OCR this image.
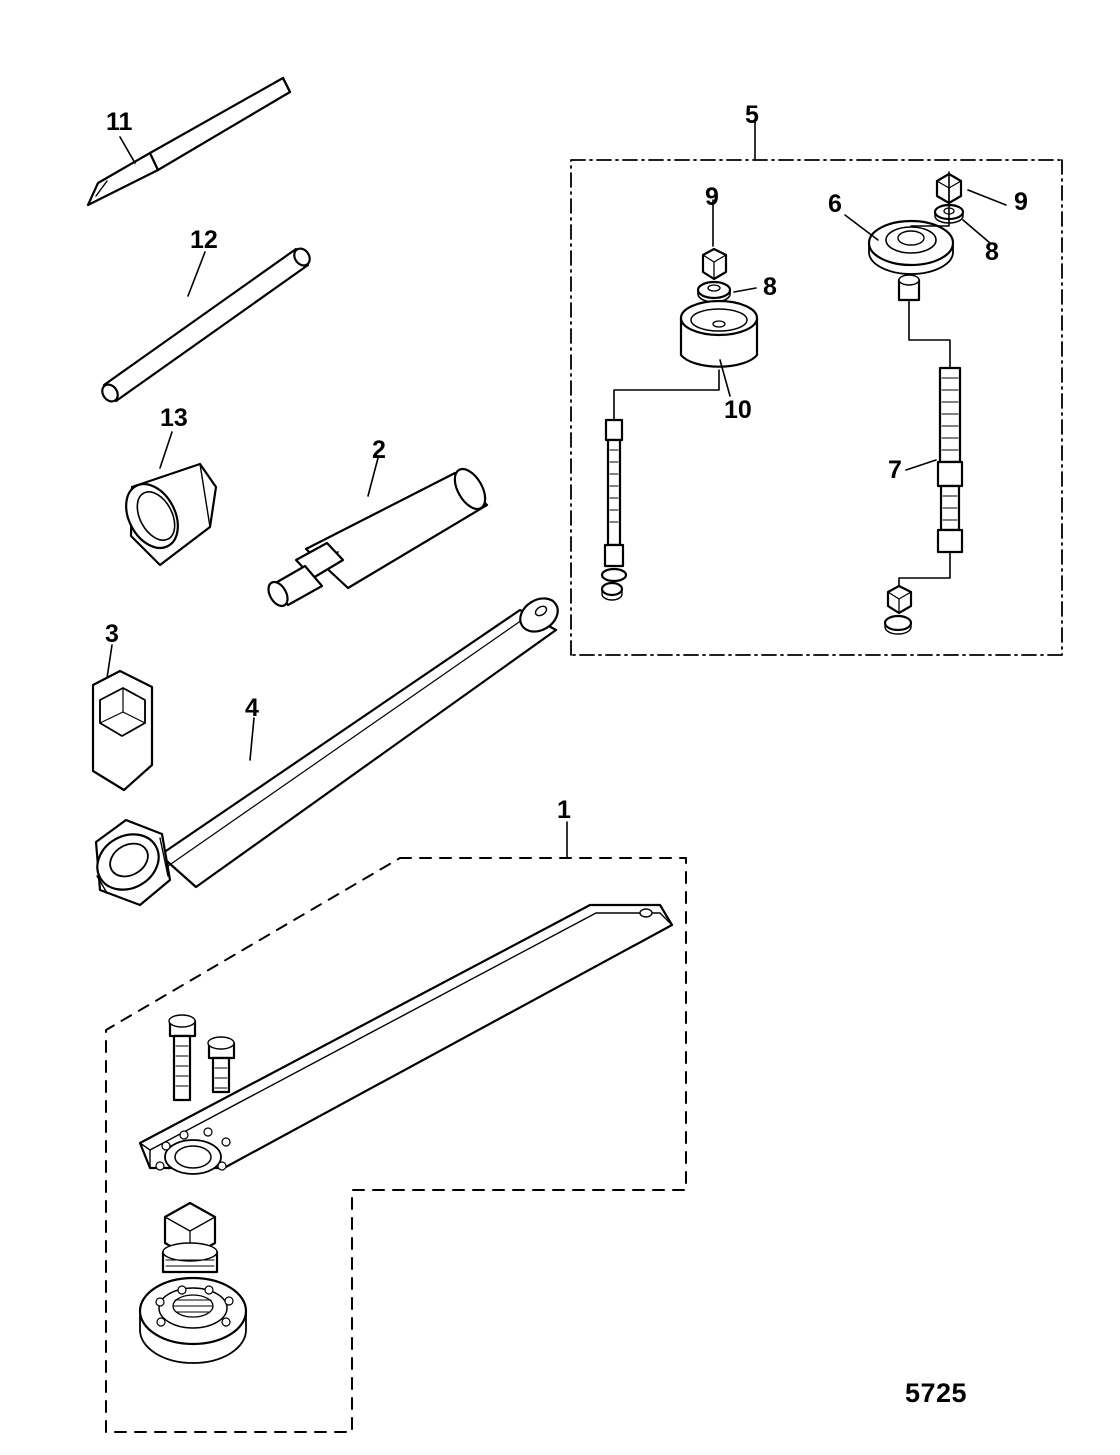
11
12
13
2
3
4
5
9
8
10
6	9
8
7
1
5725
